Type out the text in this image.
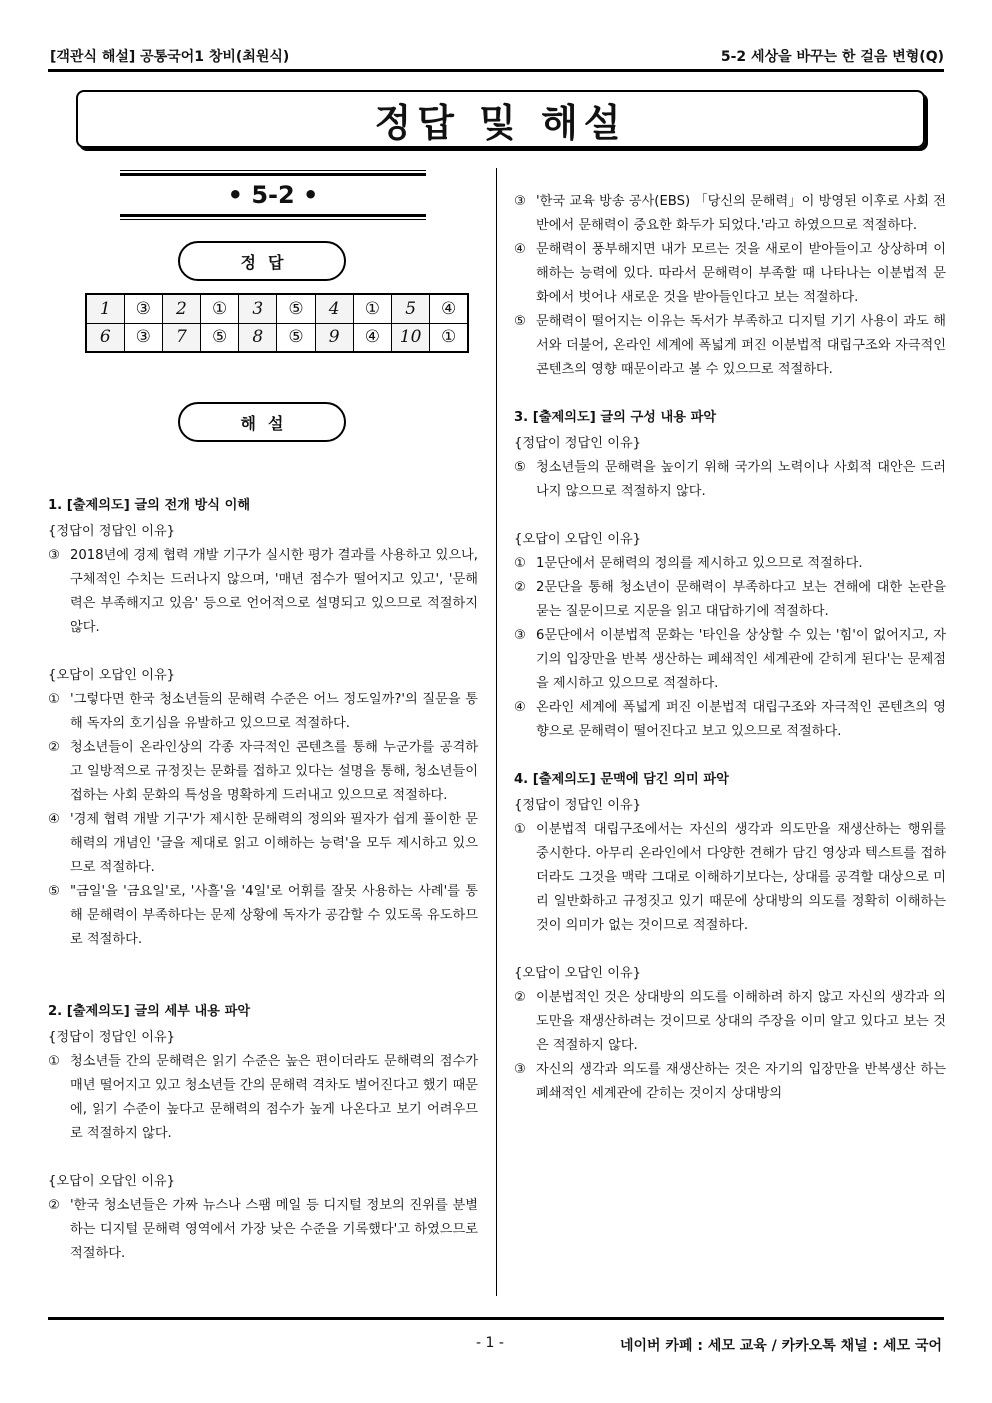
[객관식 해설] 공통국어1 창비(최원식)	5-2 세상을 바꾸는 한 걸음 변형(Q)
정답 및 해설
• 5-2 •
정답
1	③	2	①	3	⑤	4	①	5	④
6	③	7	⑤	8	⑤	9	④	10	①
해설
1. [출제의도] 글의 전개 방식 이해
{정답이 정답인 이유}
③ 2018년에 경제 협력 개발 기구가 실시한 평가 결과를 사용하고 있으나, 구체적인 수치는 드러나지 않으며, '매년 점수가 떨어지고 있고', '문해력은 부족해지고 있음' 등으로 언어적으로 설명되고 있으므로 적절하지 않다.
{오답이 오답인 이유}
① '그렇다면 한국 청소년들의 문해력 수준은 어느 정도일까?'의 질문을 통해 독자의 호기심을 유발하고 있으므로 적절하다.
② 청소년들이 온라인상의 각종 자극적인 콘텐츠를 통해 누군가를 공격하고 일방적으로 규정짓는 문화를 접하고 있다는 설명을 통해, 청소년들이 접하는 사회 문화의 특성을 명확하게 드러내고 있으므로 적절하다.
④ '경제 협력 개발 기구'가 제시한 문해력의 정의와 필자가 쉽게 풀이한 문해력의 개념인 '글을 제대로 읽고 이해하는 능력'을 모두 제시하고 있으므로 적절하다.
⑤ "금일'을 '금요일'로, '사흘'을 '4일'로 어휘를 잘못 사용하는 사례'를 통해 문해력이 부족하다는 문제 상황에 독자가 공감할 수 있도록 유도하므로 적절하다.
2. [출제의도] 글의 세부 내용 파악
{정답이 정답인 이유}
① 청소년들 간의 문해력은 읽기 수준은 높은 편이더라도 문해력의 점수가 매년 떨어지고 있고 청소년들 간의 문해력 격차도 벌어진다고 했기 때문에, 읽기 수준이 높다고 문해력의 점수가 높게 나온다고 보기 어려우므로 적절하지 않다.
{오답이 오답인 이유}
② '한국 청소년들은 가짜 뉴스나 스팸 메일 등 디지털 정보의 진위를 분별하는 디지털 문해력 영역에서 가장 낮은 수준을 기록했다'고 하였으므로 적절하다.
③ '한국 교육 방송 공사(EBS) 「당신의 문해력」이 방영된 이후로 사회 전반에서 문해력이 중요한 화두가 되었다.'라고 하였으므로 적절하다.
④ 문해력이 풍부해지면 내가 모르는 것을 새로이 받아들이고 상상하며 이해하는 능력에 있다. 따라서 문해력이 부족할 때 나타나는 이분법적 문화에서 벗어나 새로운 것을 받아들인다고 보는 적절하다.
⑤ 문해력이 떨어지는 이유는 독서가 부족하고 디지털 기기 사용이 과도 해서와 더불어, 온라인 세계에 폭넓게 퍼진 이분법적 대립구조와 자극적인 콘텐츠의 영향 때문이라고 볼 수 있으므로 적절하다.
3. [출제의도] 글의 구성 내용 파악
{정답이 정답인 이유}
⑤ 청소년들의 문해력을 높이기 위해 국가의 노력이나 사회적 대안은 드러나지 않으므로 적절하지 않다.
{오답이 오답인 이유}
① 1문단에서 문해력의 정의를 제시하고 있으므로 적절하다.
② 2문단을 통해 청소년이 문해력이 부족하다고 보는 견해에 대한 논란을 묻는 질문이므로 지문을 읽고 대답하기에 적절하다.
③ 6문단에서 이분법적 문화는 '타인을 상상할 수 있는 '힘'이 없어지고, 자기의 입장만을 반복 생산하는 폐쇄적인 세계관에 갇히게 된다'는 문제점을 제시하고 있으므로 적절하다.
④ 온라인 세계에 폭넓게 퍼진 이분법적 대립구조와 자극적인 콘텐츠의 영향으로 문해력이 떨어진다고 보고 있으므로 적절하다.
4. [출제의도] 문맥에 담긴 의미 파악
{정답이 정답인 이유}
① 이분법적 대립구조에서는 자신의 생각과 의도만을 재생산하는 행위를 중시한다. 아무리 온라인에서 다양한 견해가 담긴 영상과 텍스트를 접하더라도 그것을 맥락 그대로 이해하기보다는, 상대를 공격할 대상으로 미리 일반화하고 규정짓고 있기 때문에 상대방의 의도를 정확히 이해하는 것이 의미가 없는 것이므로 적절하다.
{오답이 오답인 이유}
② 이분법적인 것은 상대방의 의도를 이해하려 하지 않고 자신의 생각과 의도만을 재생산하려는 것이므로 상대의 주장을 이미 알고 있다고 보는 것은 적절하지 않다.
③ 자신의 생각과 의도를 재생산하는 것은 자기의 입장만을 반복생산 하는 폐쇄적인 세계관에 갇히는 것이지 상대방의
- 1 -	네이버 카페 : 세모 교육 / 카카오톡 채널 : 세모 국어
